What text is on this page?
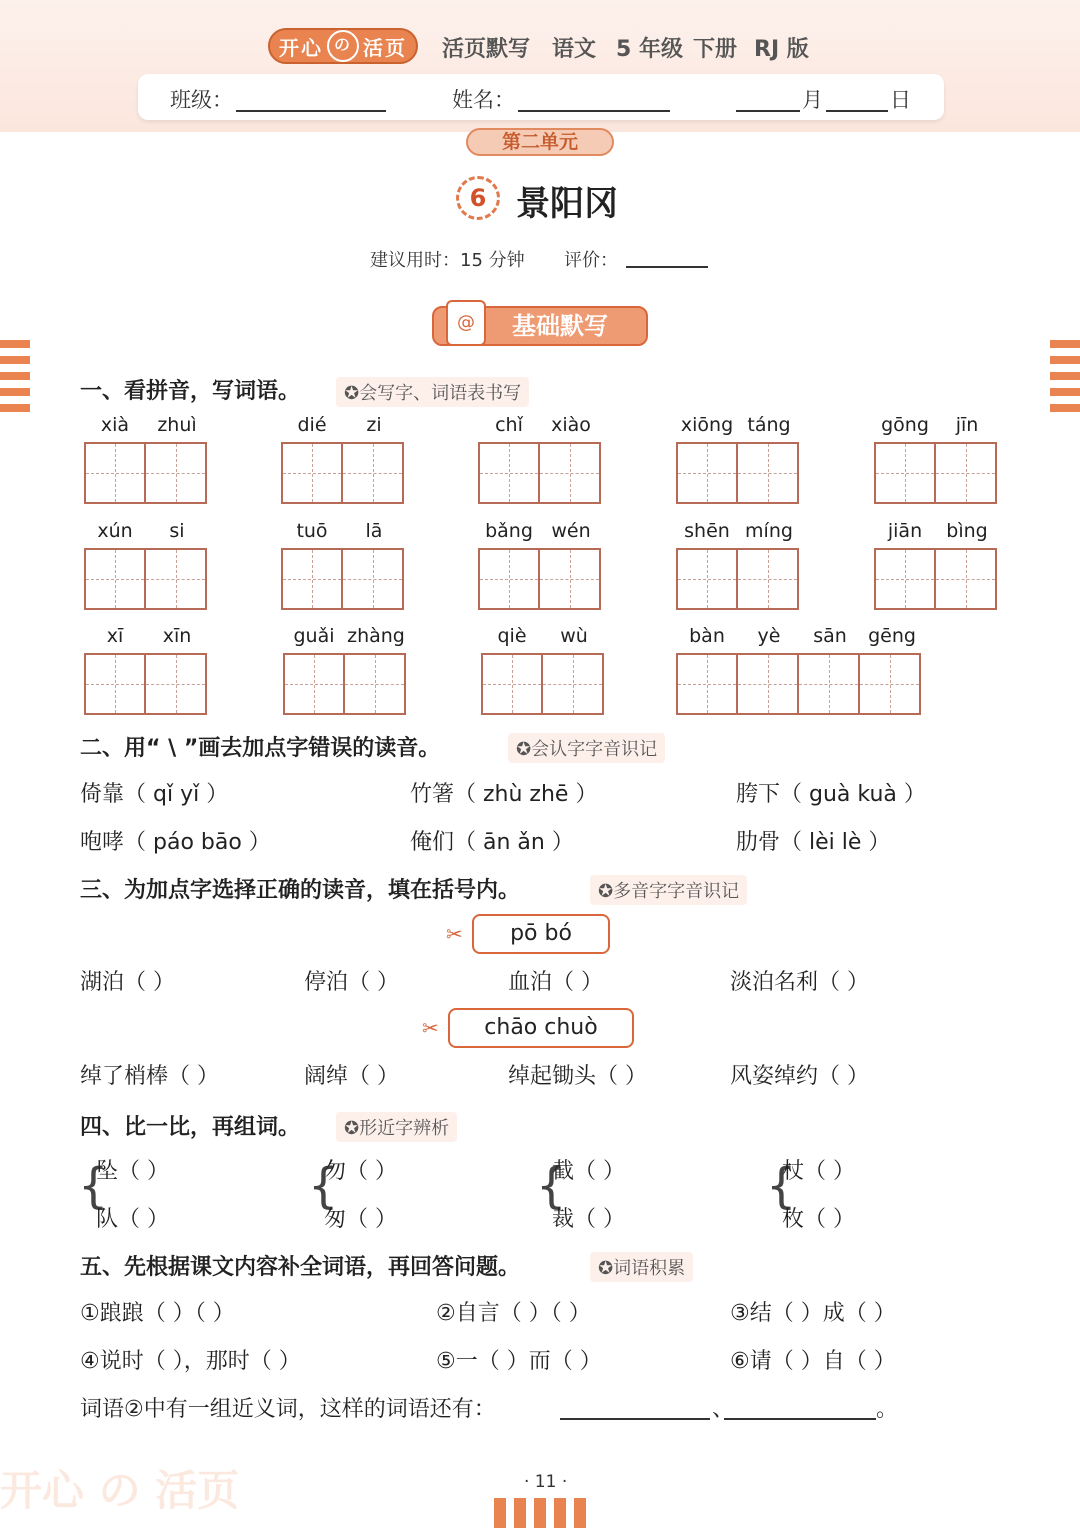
开心 の 活页 活页默写 语文 5 年级 下册 RJ 版
班级：	姓名：	月	日
第二单元
6 景阳冈
建议用时：15 分钟 评价：
基础默写
@
一、看拼音，写词语。	✪会写字、词语表书写
xià	zhuì	dié	zi	chǐ	xiào	xiōng táng	gōng	jīn
xún	si	tuō	lā	bǎng wén	shēn míng	jiān	bìng
xī	xīn	guǎi zhàng	qiè	wù	bàn	yè	sān	gēng
二、用“ \ ”画去加点字错误的读音。	✪会认字字音识记
倚靠（ qǐ yǐ ）	竹箸（ zhù zhē ）	胯下（ guà kuà ）
咆哮（ páo bāo ）	俺们（ ān ǎn ）	肋骨（ lèi lè ）
三、为加点字选择正确的读音，填在括号内。	✪多音字字音识记
✂	pō bó
湖泊（ ）	停泊（ ）	血泊（ ）	淡泊名利（ ）
✂	chāo chuò
绰了梢棒（ ）	阔绰（ ）	绰起锄头（ ）	风姿绰约（ ）
四、比一比，再组词。	✪形近字辨析
{
坠（ ）
队（ ）
{
勿（ ）
匆（ ）
{
截（ ）
裁（ ）
{
杖（ ）
枚（ ）
五、先根据课文内容补全词语，再回答问题。	✪词语积累
①踉踉（ ）（ ）	②自言（ ）（ ）	③结（ ）成（ ）
④说时（ ），那时（ ）	⑤一（ ）而（ ）	⑥请（ ）自（ ）
词语②中有一组近义词，这样的词语还有：	、	。
开心 の 活页	· 11 ·
